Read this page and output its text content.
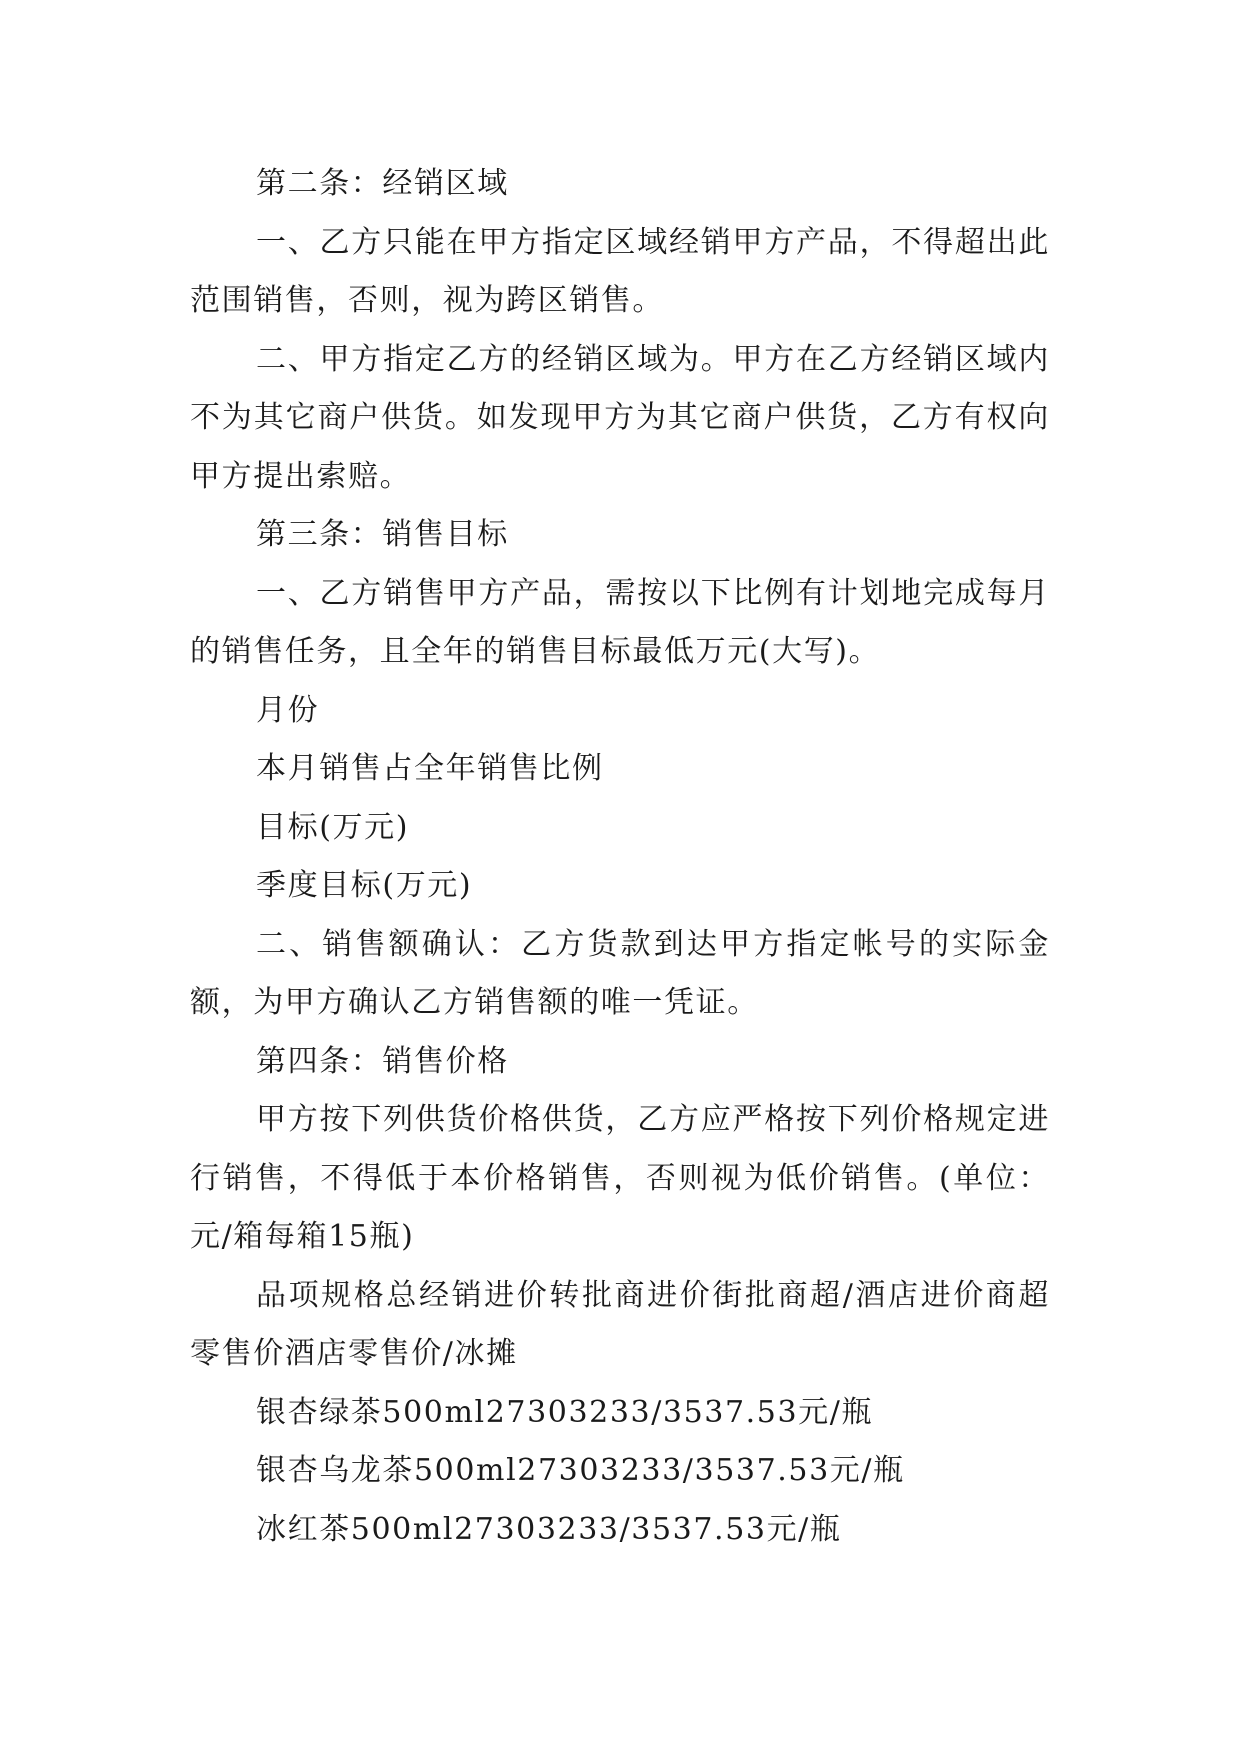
第二条：经销区域

一、乙方只能在甲方指定区域经销甲方产品，不得超出此范围销售，否则，视为跨区销售。

二、甲方指定乙方的经销区域为。甲方在乙方经销区域内不为其它商户供货。如发现甲方为其它商户供货，乙方有权向甲方提出索赔。

第三条：销售目标

一、乙方销售甲方产品，需按以下比例有计划地完成每月的销售任务，且全年的销售目标最低万元(大写)。

月份

本月销售占全年销售比例

目标(万元)

季度目标(万元)

二、销售额确认：乙方货款到达甲方指定帐号的实际金额，为甲方确认乙方销售额的唯一凭证。

第四条：销售价格

甲方按下列供货价格供货，乙方应严格按下列价格规定进行销售，不得低于本价格销售，否则视为低价销售。(单位：元/箱每箱15瓶)

品项规格总经销进价转批商进价街批商超/酒店进价商超零售价酒店零售价/冰摊

银杏绿茶500ml27303233/3537.53元/瓶

银杏乌龙茶500ml27303233/3537.53元/瓶

冰红茶500ml27303233/3537.53元/瓶
